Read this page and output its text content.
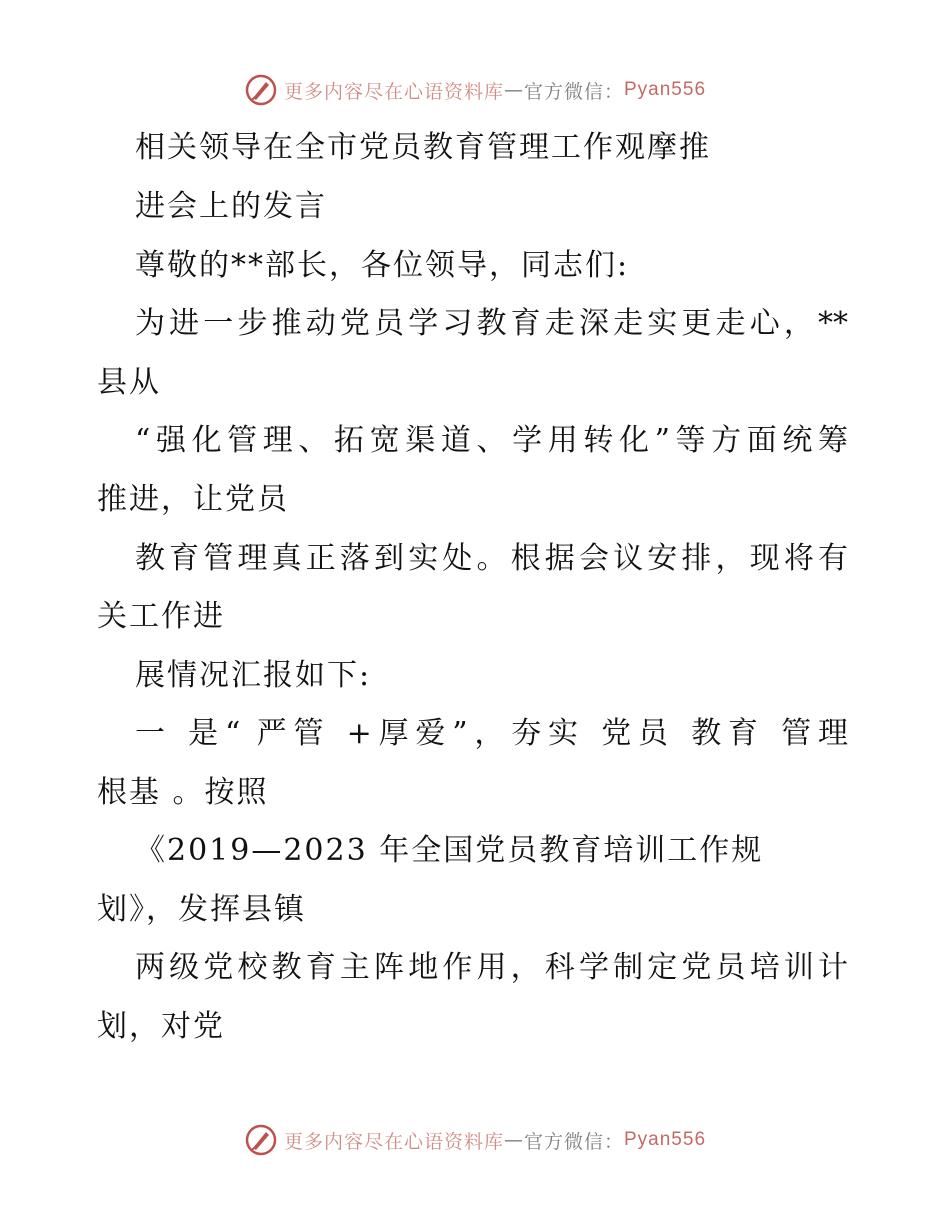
更多内容尽在心语资料库 — 官方微信： Pyan556

相关领导在全市党员教育管理工作观摩推

进会上的发言

尊敬的**部长，各位领导，同志们:

为进一步推动党员学习教育走深走实更走心，**

县从

“强化管理、拓宽渠道、学用转化”等方面统筹

推进，让党员

教育管理真正落到实处。根据会议安排，现将有

关工作进

展情况汇报如下:

一 是“ 严管 +厚爱”，夯实 党员 教育 管理

根基 。按照

《2019—2023 年全国党员教育培训工作规

划》，发挥县镇

两级党校教育主阵地作用，科学制定党员培训计

划，对党

更多内容尽在心语资料库 — 官方微信： Pyan556
